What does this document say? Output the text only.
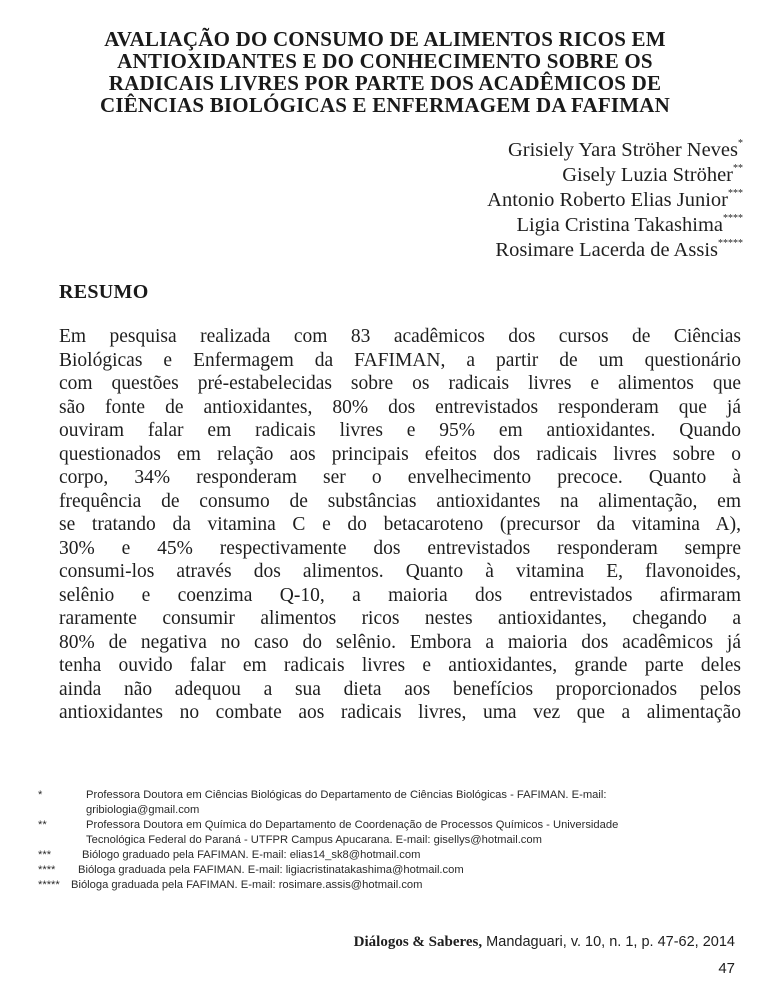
AVALIAÇÃO DO CONSUMO DE ALIMENTOS RICOS EM
ANTIOXIDANTES E DO CONHECIMENTO SOBRE OS
RADICAIS LIVRES POR PARTE DOS ACADÊMICOS DE
CIÊNCIAS BIOLÓGICAS E ENFERMAGEM DA FAFIMAN
Grisiely Yara Ströher Neves*
Gisely Luzia Ströher**
Antonio Roberto Elias Junior***
Ligia Cristina Takashima****
Rosimare Lacerda de Assis*****
RESUMO
Em pesquisa realizada com 83 acadêmicos dos cursos de Ciências
Biológicas e Enfermagem da FAFIMAN, a partir de um questionário
com questões pré-estabelecidas sobre os radicais livres e alimentos que
são fonte de antioxidantes, 80% dos entrevistados responderam que já
ouviram falar em radicais livres e 95% em antioxidantes. Quando
questionados em relação aos principais efeitos dos radicais livres sobre o
corpo, 34% responderam ser o envelhecimento precoce. Quanto à
frequência de consumo de substâncias antioxidantes na alimentação, em
se tratando da vitamina C e do betacaroteno (precursor da vitamina A),
30% e 45% respectivamente dos entrevistados responderam sempre
consumi-los através dos alimentos. Quanto à vitamina E, flavonoides,
selênio e coenzima Q-10, a maioria dos entrevistados afirmaram
raramente consumir alimentos ricos nestes antioxidantes, chegando a
80% de negativa no caso do selênio. Embora a maioria dos acadêmicos já
tenha ouvido falar em radicais livres e antioxidantes, grande parte deles
ainda não adequou a sua dieta aos benefícios proporcionados pelos
antioxidantes no combate aos radicais livres, uma vez que a alimentação
*	Professora Doutora em Ciências Biológicas do Departamento de Ciências Biológicas - FAFIMAN. E-mail:
gribiologia@gmail.com
**	Professora Doutora em Química do Departamento de Coordenação de Processos Químicos - Universidade
Tecnológica Federal do Paraná - UTFPR Campus Apucarana. E-mail: gisellys@hotmail.com
***	Biólogo graduado pela FAFIMAN. E-mail: elias14_sk8@hotmail.com
**** Bióloga graduada pela FAFIMAN. E-mail: ligiacristinatakashima@hotmail.com
***** Bióloga graduada pela FAFIMAN. E-mail: rosimare.assis@hotmail.com
Diálogos & Saberes, Mandaguari, v. 10, n. 1, p. 47-62, 2014
47
